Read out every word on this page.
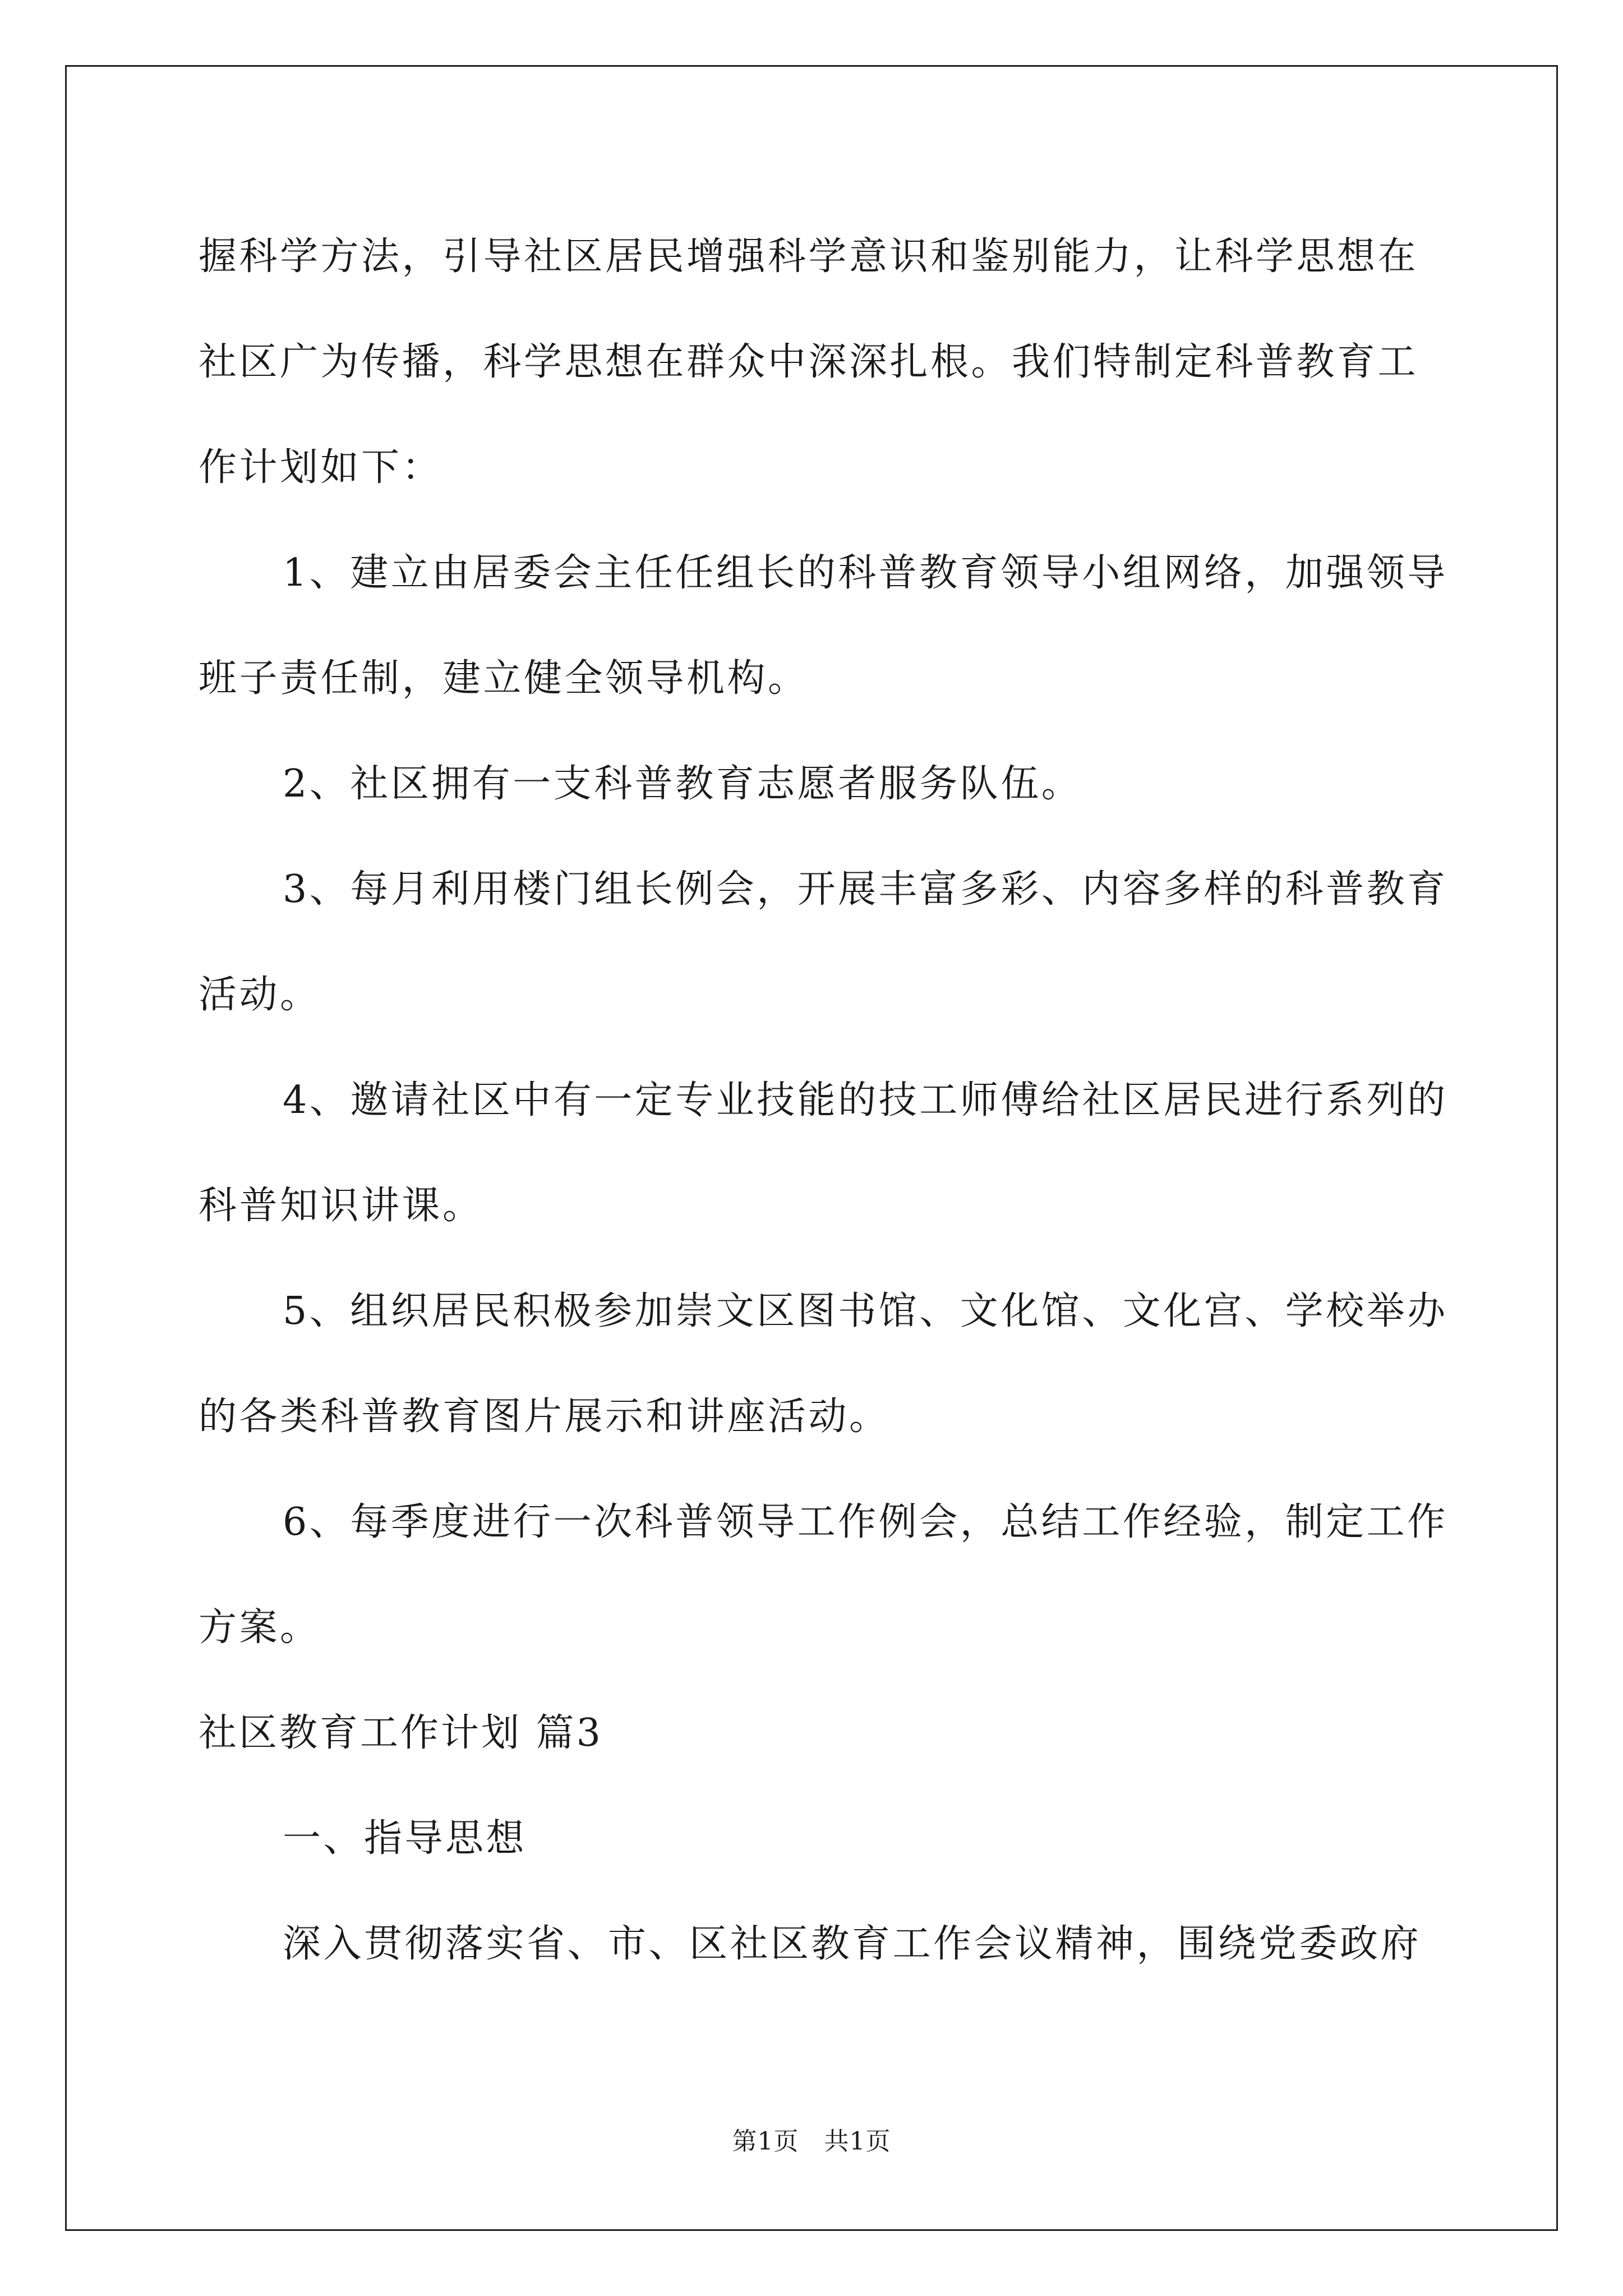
握科学方法，引导社区居民增强科学意识和鉴别能力，让科学思想在
社区广为传播，科学思想在群众中深深扎根。我们特制定科普教育工
作计划如下：
1、建立由居委会主任任组长的科普教育领导小组网络，加强领导
班子责任制，建立健全领导机构。
2、社区拥有一支科普教育志愿者服务队伍。
3、每月利用楼门组长例会，开展丰富多彩、内容多样的科普教育
活动。
4、邀请社区中有一定专业技能的技工师傅给社区居民进行系列的
科普知识讲课。
5、组织居民积极参加崇文区图书馆、文化馆、文化宫、学校举办
的各类科普教育图片展示和讲座活动。
6、每季度进行一次科普领导工作例会，总结工作经验，制定工作
方案。
社区教育工作计划 篇3
一、指导思想
深入贯彻落实省、市、区社区教育工作会议精神，围绕党委政府
第1页　共1页
